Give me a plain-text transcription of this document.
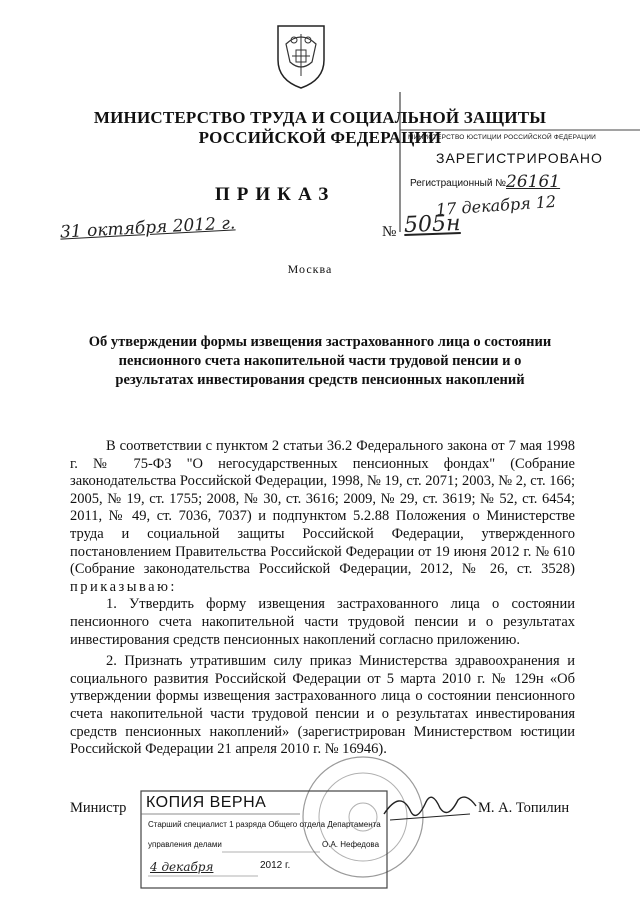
МИНИСТЕРСТВО ТРУДА И СОЦИАЛЬНОЙ ЗАЩИТЫ
РОССИЙСКОЙ ФЕДЕРАЦИИ
МИНИСТЕРСТВО ЮСТИЦИИ РОССИЙСКОЙ ФЕДЕРАЦИИ
ЗАРЕГИСТРИРОВАНО
Регистрационный № 26161
17 декабря 12
ПРИКАЗ
31 октября 2012 г.	№ 505н
Москва
Об утверждении формы извещения застрахованного лица о состоянии
пенсионного счета накопительной части трудовой пенсии и о
результатах инвестирования средств пенсионных накоплений

В соответствии с пунктом 2 статьи 36.2 Федерального закона от 7 мая 1998 г. № 75-ФЗ "О негосударственных пенсионных фондах" (Собрание законодательства Российской Федерации, 1998, № 19, ст. 2071; 2003, № 2, ст. 166; 2005, № 19, ст. 1755; 2008, № 30, ст. 3616; 2009, № 29, ст. 3619; № 52, ст. 6454; 2011, № 49, ст. 7036, 7037) и подпунктом 5.2.88 Положения о Министерстве труда и социальной защиты Российской Федерации, утвержденного постановлением Правительства Российской Федерации от 19 июня 2012 г. № 610 (Собрание законодательства Российской Федерации, 2012, № 26, ст. 3528) приказываю:

1. Утвердить форму извещения застрахованного лица о состоянии пенсионного счета накопительной части трудовой пенсии и о результатах инвестирования средств пенсионных накоплений согласно приложению.

2. Признать утратившим силу приказ Министерства здравоохранения и социального развития Российской Федерации от 5 марта 2010 г. № 129н «Об утверждении формы извещения застрахованного лица о состоянии пенсионного счета накопительной части трудовой пенсии и о результатах инвестирования средств пенсионных накоплений» (зарегистрирован Министерством юстиции Российской Федерации 21 апреля 2010 г. № 16946).

Министр КОПИЯ ВЕРНА
Старший специалист 1 разряда Общего отдела Департамента
управления делами	О.А. Нефедова
4 декабря	2012 г.
М. А. Топилин
